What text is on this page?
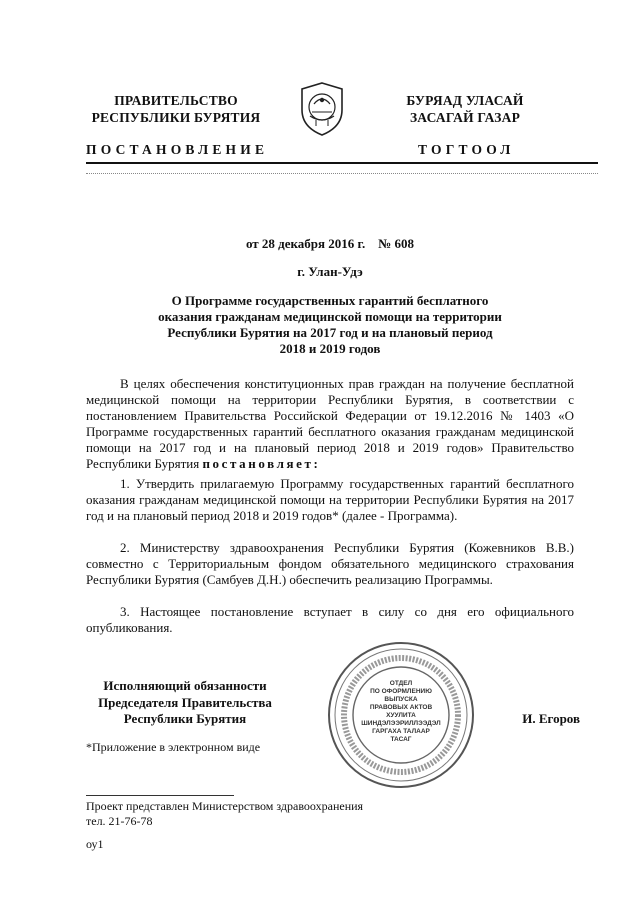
ПРАВИТЕЛЬСТВО
РЕСПУБЛИКИ БУРЯТИЯ
БУРЯАД УЛАСАЙ
ЗАСАГАЙ ГАЗАР
ПОСТАНОВЛЕНИЕ	ТОГТООЛ
от 28 декабря 2016 г.    № 608
г. Улан-Удэ
О Программе государственных гарантий бесплатного
оказания гражданам медицинской помощи на территории
Республики Бурятия на 2017 год и на плановый период
2018 и 2019 годов
В целях обеспечения конституционных прав граждан на получение бесплатной медицинской помощи на территории Республики Бурятия, в соответствии с постановлением Правительства Российской Федерации от 19.12.2016 № 1403 «О Программе государственных гарантий бесплатного оказания гражданам медицинской помощи на 2017 год и на плановый период 2018 и 2019 годов» Правительство Республики Бурятия постановляет:
1. Утвердить прилагаемую Программу государственных гарантий бесплатного оказания гражданам медицинской помощи на территории Республики Бурятия на 2017 год и на плановый период 2018 и 2019 годов* (далее - Программа).
2. Министерству здравоохранения Республики Бурятия (Кожевников В.В.) совместно с Территориальным фондом обязательного медицинского страхования Республики Бурятия (Самбуев Д.Н.) обеспечить реализацию Программы.
3. Настоящее постановление вступает в силу со дня его официального опубликования.
Исполняющий обязанности
Председателя Правительства
Республики Бурятия
ОТДЕЛ
ПО ОФОРМЛЕНИЮ
ВЫПУСКА
ПРАВОВЫХ АКТОВ
ХУУЛИТА
ШИНДЭЛЭЭРИЛЛЭЭДЭЛ
ГАРГАХА ТАЛААР
ТАСАГ
И. Егоров
*Приложение в электронном виде
Проект представлен Министерством здравоохранения
тел. 21-76-78
оу1
